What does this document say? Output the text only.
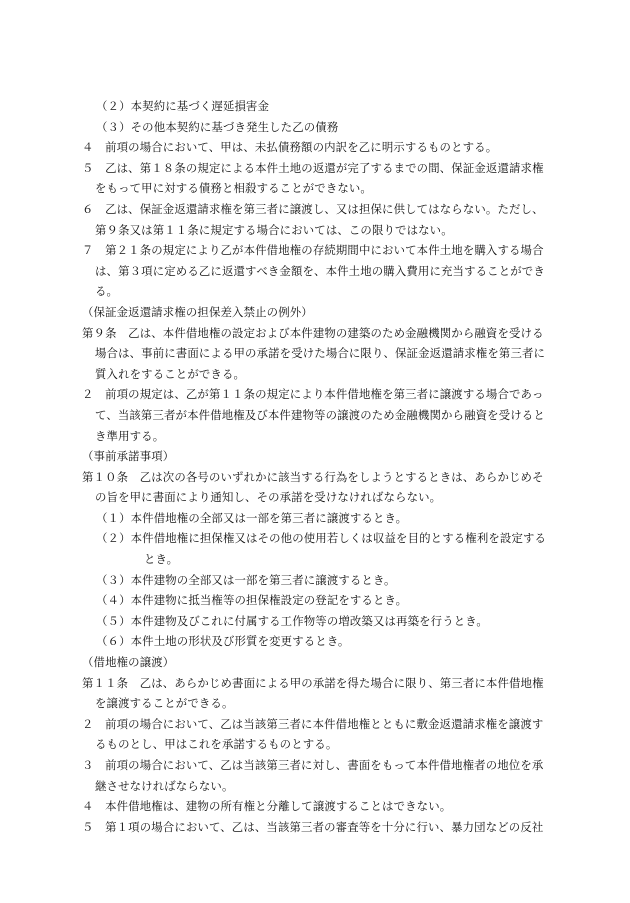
（２）本契約に基づく遅延損害金
（３）その他本契約に基づき発生した乙の債務
４　前項の場合において、甲は、未払債務額の内訳を乙に明示するものとする。
５　乙は、第１８条の規定による本件土地の返還が完了するまでの間、保証金返還請求権
をもって甲に対する債務と相殺することができない。
６　乙は、保証金返還請求権を第三者に譲渡し、又は担保に供してはならない。ただし、
第９条又は第１１条に規定する場合においては、この限りではない。
７　第２１条の規定により乙が本件借地権の存続期間中において本件土地を購入する場合
は、第３項に定める乙に返還すべき金額を、本件土地の購入費用に充当することができ
る。
（保証金返還請求権の担保差入禁止の例外）
第９条　乙は、本件借地権の設定および本件建物の建築のため金融機関から融資を受ける
場合は、事前に書面による甲の承諾を受けた場合に限り、保証金返還請求権を第三者に
質入れをすることができる。
２　前項の規定は、乙が第１１条の規定により本件借地権を第三者に譲渡する場合であっ
て、当該第三者が本件借地権及び本件建物等の譲渡のため金融機関から融資を受けると
き準用する。
（事前承諾事項）
第１０条　乙は次の各号のいずれかに該当する行為をしようとするときは、あらかじめそ
の旨を甲に書面により通知し、その承諾を受けなければならない。
（１）本件借地権の全部又は一部を第三者に譲渡するとき。
（２）本件借地権に担保権又はその他の使用若しくは収益を目的とする権利を設定する
とき。
（３）本件建物の全部又は一部を第三者に譲渡するとき。
（４）本件建物に抵当権等の担保権設定の登記をするとき。
（５）本件建物及びこれに付属する工作物等の増改築又は再築を行うとき。
（６）本件土地の形状及び形質を変更するとき。
（借地権の譲渡）
第１１条　乙は、あらかじめ書面による甲の承諾を得た場合に限り、第三者に本件借地権
を譲渡することができる。
２　前項の場合において、乙は当該第三者に本件借地権とともに敷金返還請求権を譲渡す
るものとし、甲はこれを承諾するものとする。
３　前項の場合において、乙は当該第三者に対し、書面をもって本件借地権者の地位を承
継させなければならない。
４　本件借地権は、建物の所有権と分離して譲渡することはできない。
５　第１項の場合において、乙は、当該第三者の審査等を十分に行い、暴力団などの反社
